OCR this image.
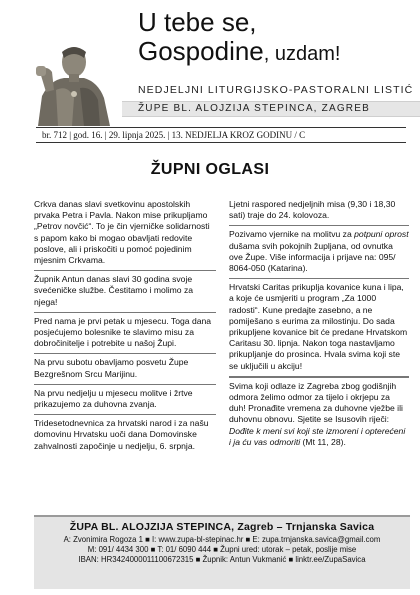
U tebe se,
Gospodine, uzdam!
NEDJELJNI LITURGIJSKO-PASTORALNI LISTIĆ
ŽUPE BL. ALOJZIJA STEPINCA, ZAGREB
br. 712 | god. 16. | 29. lipnja 2025. | 13. NEDJELJA KROZ GODINU / C
ŽUPNI OGLASI

Crkva danas slavi svetkovinu apostolskih prvaka Petra i Pavla. Nakon mise prikupljamo „Petrov novčić“. To je čin vjerničke solidarnosti s papom kako bi mogao obavljati redovite poslove, ali i priskočiti u pomoć pojedinim mjesnim Crkvama.

Župnik Antun danas slavi 30 godina svoje svećeničke službe. Čestitamo i molimo za njega!

Pred nama je prvi petak u mjesecu. Toga dana posjećujemo bolesnike te slavimo misu za dobročinitelje i potrebite u našoj Župi.

Na prvu subotu obavljamo posvetu Župe Bezgrešnom Srcu Marijinu.

Na prvu nedjelju u mjesecu molitve i žrtve prikazujemo za duhovna zvanja.

Tridesetodnevnica za hrvatski narod i za našu domovinu Hrvatsku uoči dana Domovinske zahvalnosti započinje u nedjelju, 6. srpnja.

Ljetni raspored nedjeljnih misa (9,30 i 18,30 sati) traje do 24. kolovoza.

Pozivamo vjernike na molitvu za potpuni oprost dušama svih pokojnih župljana, od ovnutka ove Župe. Više informacija i prijave na: 095/ 8064-050 (Katarina).

Hrvatski Caritas prikuplja kovanice kuna i lipa, a koje će usmjeriti u program „Za 1000 radosti“. Kune predajte zasebno, a ne pomiješano s eurima za milostinju. Do sada prikupljene kovanice bit će predane Hrvatskom Caritasu 30. lipnja. Nakon toga nastavljamo prikupljanje do prosinca. Hvala svima koji ste se uključili u akciju!

Svima koji odlaze iz Zagreba zbog godišnjih odmora želimo odmor za tijelo i okrjepu za duh! Pronađite vremena za duhovne vježbe ili duhovnu obnovu. Sjetite se Isusovih riječi: Dođite k meni svi koji ste izmoreni i opterećeni i ja ću vas odmoriti (Mt 11, 28).

ŽUPA BL. ALOJZIJA STEPINCA, Zagreb – Trnjanska Savica
A: Zvonimira Rogoza 1 ■ I: www.zupa-bl-stepinac.hr ■ E: zupa.trnjanska.savica@gmail.com
M: 091/ 4434 300 ■ T: 01/ 6090 444 ■ Župni ured: utorak – petak, poslije mise
IBAN: HR3424000011100672315 ■ Župnik: Antun Vukmanić ■ linktr.ee/ZupaSavica
